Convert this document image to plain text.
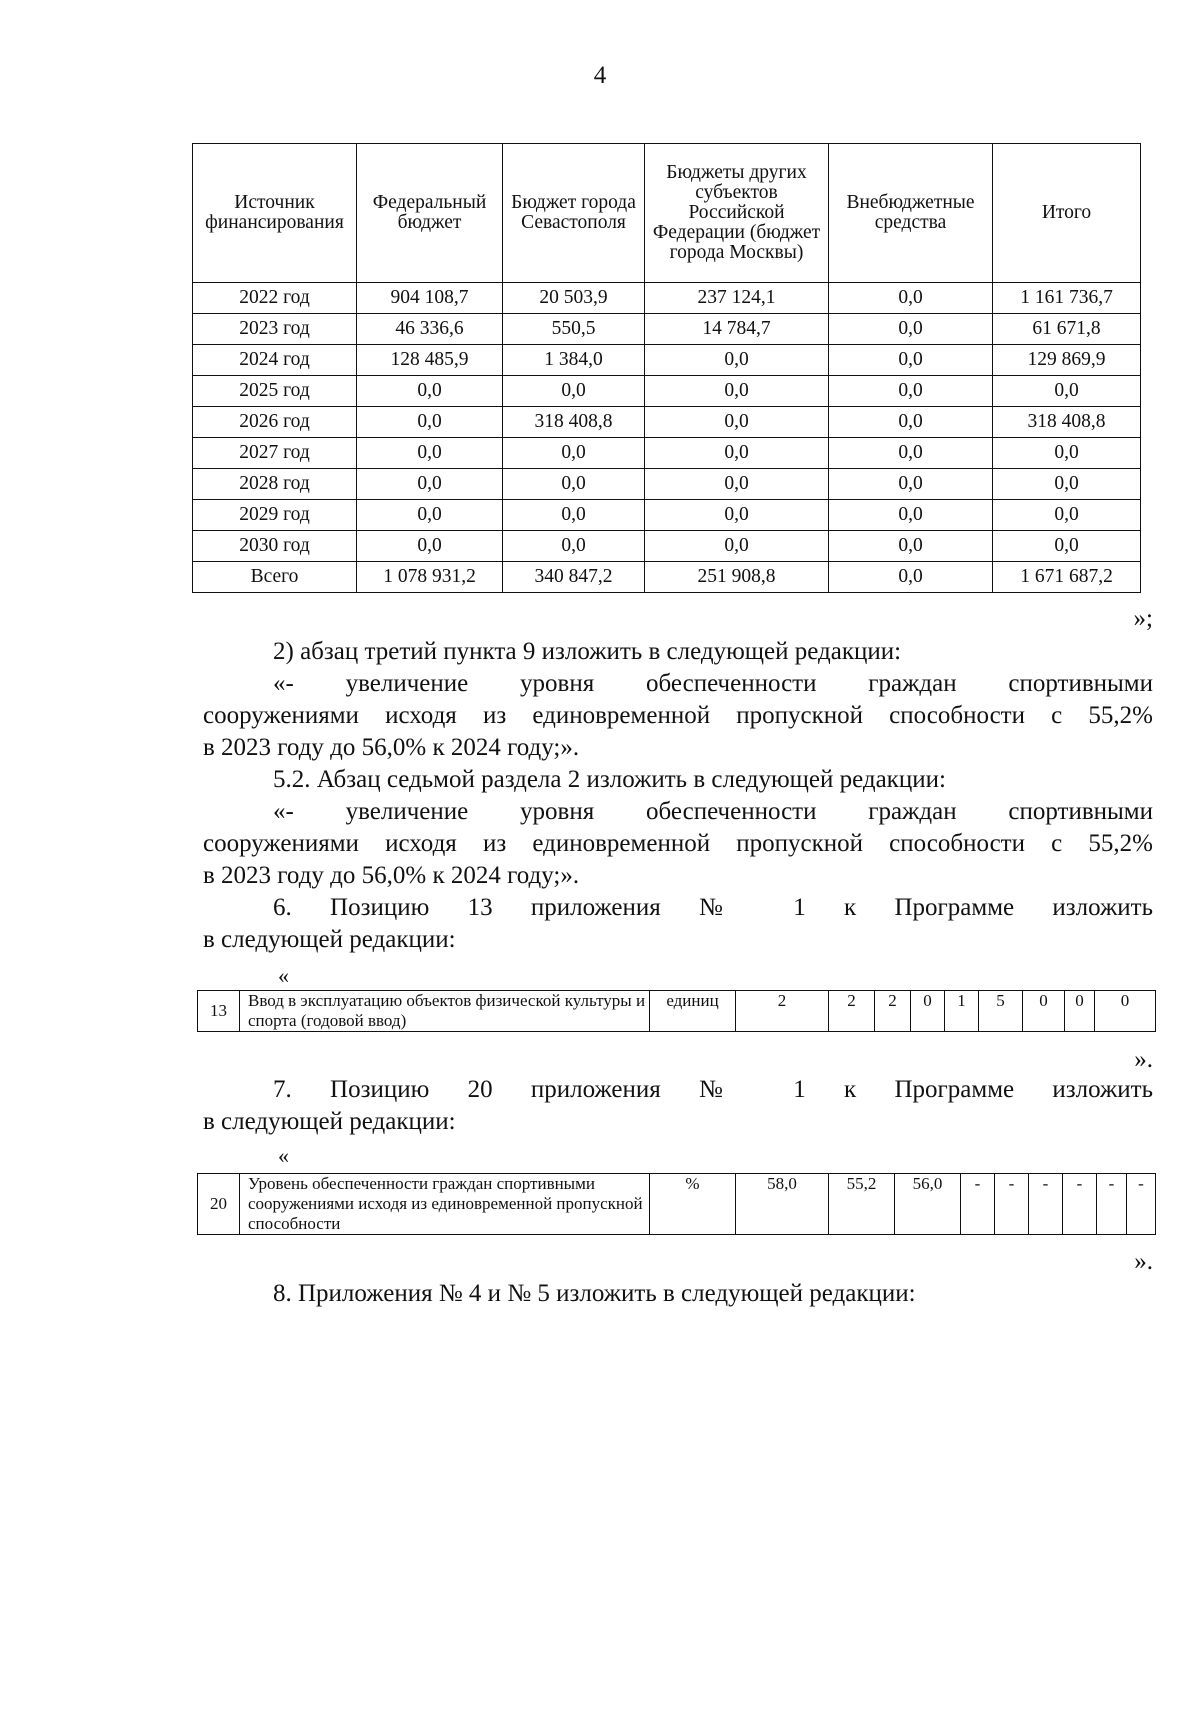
4
Источник финансирования	Федеральный бюджет	Бюджет города Севастополя	Бюджеты других субъектов Российской Федерации (бюджет города Москвы)	Внебюджетные средства	Итого
2022 год	904 108,7	20 503,9	237 124,1	0,0	1 161 736,7
2023 год	46 336,6	550,5	14 784,7	0,0	61 671,8
2024 год	128 485,9	1 384,0	0,0	0,0	129 869,9
2025 год	0,0	0,0	0,0	0,0	0,0
2026 год	0,0	318 408,8	0,0	0,0	318 408,8
2027 год	0,0	0,0	0,0	0,0	0,0
2028 год	0,0	0,0	0,0	0,0	0,0
2029 год	0,0	0,0	0,0	0,0	0,0
2030 год	0,0	0,0	0,0	0,0	0,0
Всего	1 078 931,2	340 847,2	251 908,8	0,0	1 671 687,2
»;
2) абзац третий пункта 9 изложить в следующей редакции:
«- увеличение уровня обеспеченности граждан спортивными
сооружениями исходя из единовременной пропускной способности с 55,2%
в 2023 году до 56,0% к 2024 году;».
5.2. Абзац седьмой раздела 2 изложить в следующей редакции:
«- увеличение уровня обеспеченности граждан спортивными
сооружениями исходя из единовременной пропускной способности с 55,2%
в 2023 году до 56,0% к 2024 году;».
6. Позицию 13 приложения № 1 к Программе изложить
в следующей редакции:
«
13	Ввод в эксплуатацию объектов физической культуры и спорта (годовой ввод)	единиц	2	2	2	0	1	5	0	0	0
».
7. Позицию 20 приложения № 1 к Программе изложить
в следующей редакции:
«
20	Уровень обеспеченности граждан спортивными сооружениями исходя из единовременной пропускной способности	%	58,0	55,2	56,0	-	-	-	-	-	-
».
8. Приложения № 4 и № 5 изложить в следующей редакции:
